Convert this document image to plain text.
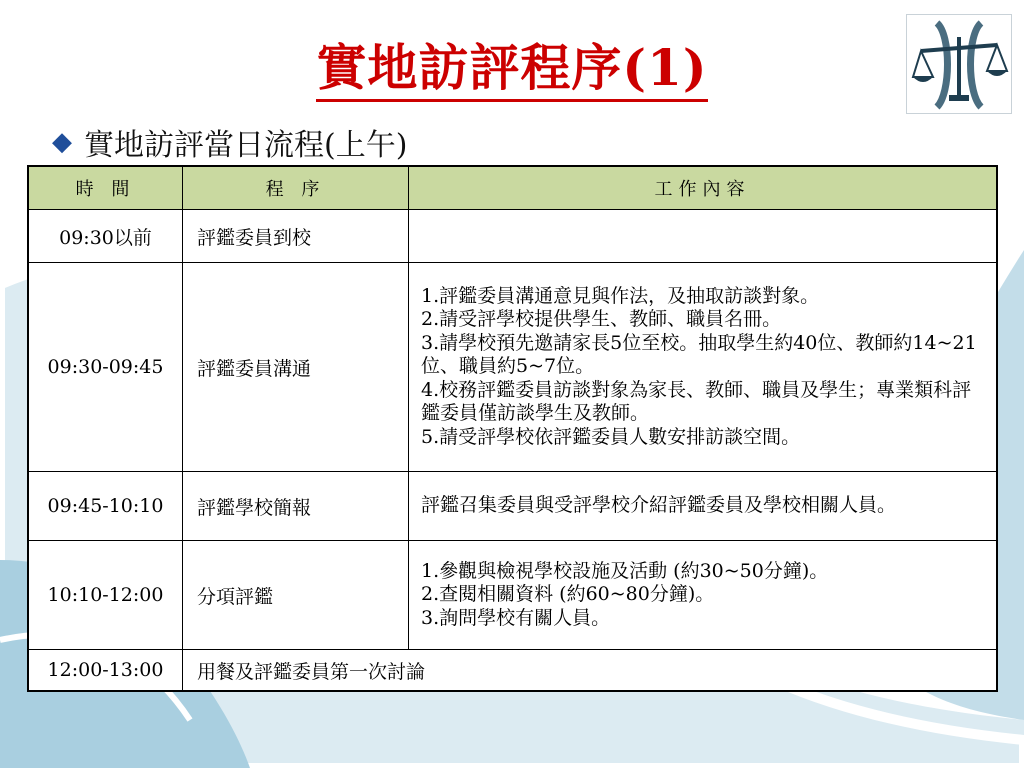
實地訪評程序(1)
◆ 實地訪評當日流程(上午)
時 間	程 序	工作內容
09:30以前	評鑑委員到校	
09:30-09:45	評鑑委員溝通	1.評鑑委員溝通意見與作法，及抽取訪談對象。
2.請受評學校提供學生、教師、職員名冊。
3.請學校預先邀請家長5位至校。抽取學生約40位、教師約14~21位、職員約5~7位。
4.校務評鑑委員訪談對象為家長、教師、職員及學生；專業類科評鑑委員僅訪談學生及教師。
5.請受評學校依評鑑委員人數安排訪談空間。

09:45-10:10	評鑑學校簡報	評鑑召集委員與受評學校介紹評鑑委員及學校相關人員。

10:10-12:00	分項評鑑	1.參觀與檢視學校設施及活動 (約30~50分鐘)。
2.查閱相關資料 (約60~80分鐘)。
3.詢問學校有關人員。

12:00-13:00	用餐及評鑑委員第一次討論	
